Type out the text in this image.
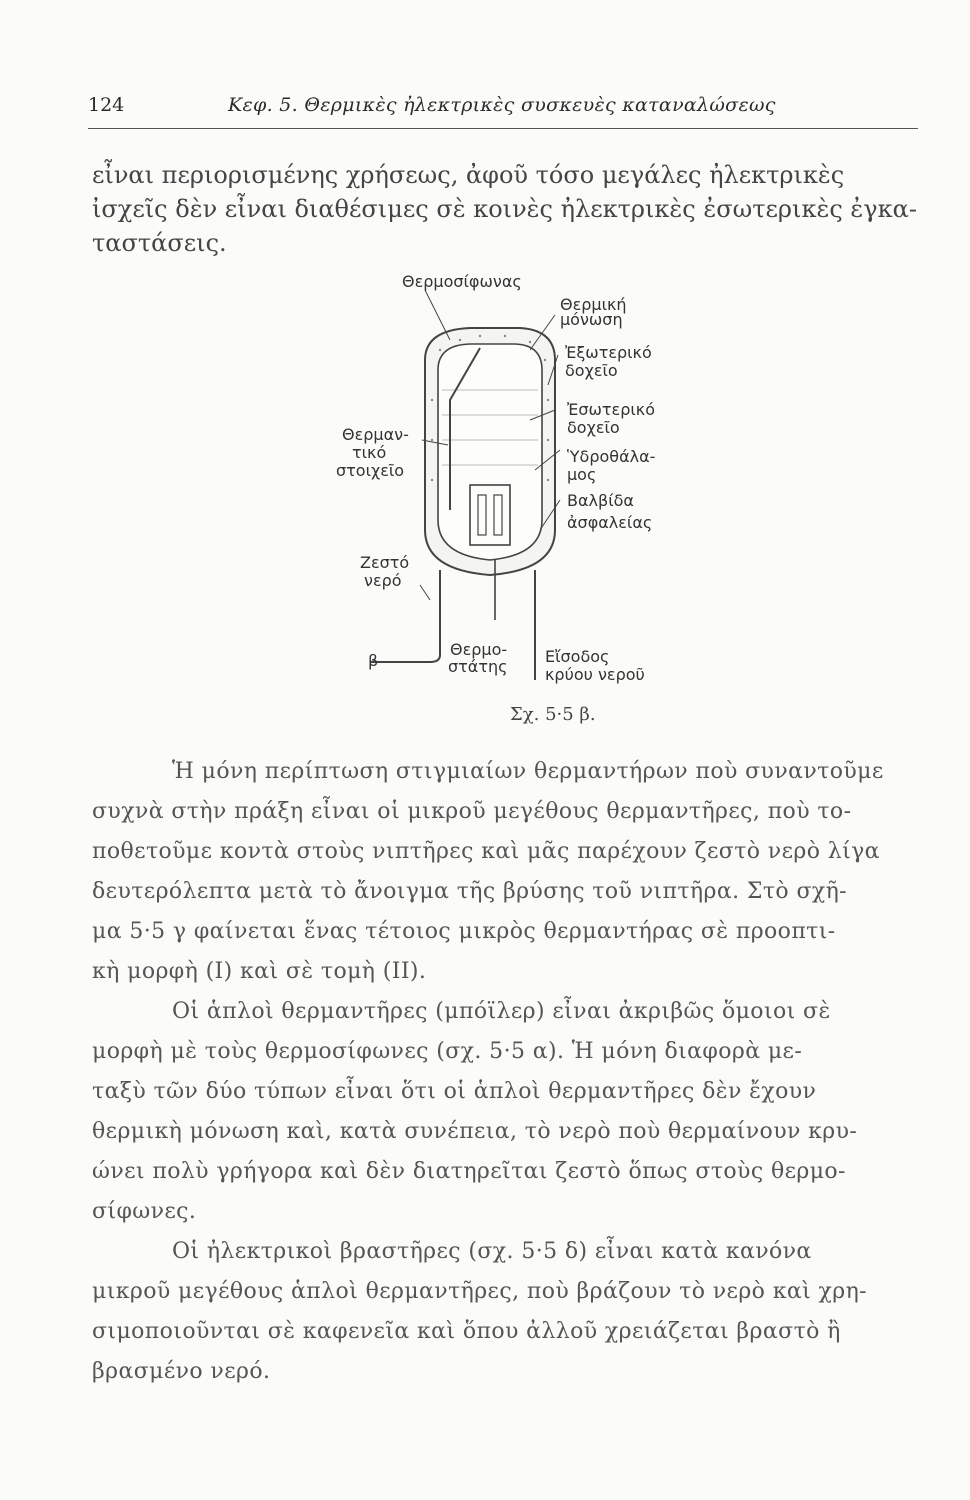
124	Κεφ. 5. Θερμικὲς ἠλεκτρικὲς συσκευὲς καταναλώσεως
εἶναι περιορισμένης χρήσεως, ἀφοῦ τόσο μεγάλες ἠλεκτρικὲς
ἰσχεῖς δὲν εἶναι διαθέσιμες σὲ κοινὲς ἠλεκτρικὲς ἐσωτερικὲς ἐγκα-
ταστάσεις.
Θερμοσίφωνας
Θερμική
μόνωση
Ἐξωτερικό
δοχεῖο
Ἐσωτερικό
δοχεῖο
Ὑδροθάλα-
μος
Βαλβίδα
ἀσφαλείας
Θερμαν-
τικό
στοιχεῖο
Ζεστό
νερό
β
Θερμο-
στάτης
Εἴσοδος
κρύου νεροῦ
Σχ. 5·5 β.
Ἡ μόνη περίπτωση στιγμιαίων θερμαντήρων ποὺ συναντοῦμε
συχνὰ στὴν πράξη εἶναι οἱ μικροῦ μεγέθους θερμαντῆρες, ποὺ το-
ποθετοῦμε κοντὰ στοὺς νιπτῆρες καὶ μᾶς παρέχουν ζεστὸ νερὸ λίγα
δευτερόλεπτα μετὰ τὸ ἄνοιγμα τῆς βρύσης τοῦ νιπτῆρα. Στὸ σχῆ-
μα 5·5 γ φαίνεται ἕνας τέτοιος μικρὸς θερμαντήρας σὲ προοπτι-
κὴ μορφὴ (Ι) καὶ σὲ τομὴ (ΙΙ).
Οἱ ἁπλοὶ θερμαντῆρες (μπόϊλερ) εἶναι ἀκριβῶς ὅμοιοι σὲ
μορφὴ μὲ τοὺς θερμοσίφωνες (σχ. 5·5 α). Ἡ μόνη διαφορὰ με-
ταξὺ τῶν δύο τύπων εἶναι ὅτι οἱ ἁπλοὶ θερμαντῆρες δὲν ἔχουν
θερμικὴ μόνωση καὶ, κατὰ συνέπεια, τὸ νερὸ ποὺ θερμαίνουν κρυ-
ώνει πολὺ γρήγορα καὶ δὲν διατηρεῖται ζεστὸ ὅπως στοὺς θερμο-
σίφωνες.
Οἱ ἠλεκτρικοὶ βραστῆρες (σχ. 5·5 δ) εἶναι κατὰ κανόνα
μικροῦ μεγέθους ἁπλοὶ θερμαντῆρες, ποὺ βράζουν τὸ νερὸ καὶ χρη-
σιμοποιοῦνται σὲ καφενεῖα καὶ ὅπου ἀλλοῦ χρειάζεται βραστὸ ἢ
βρασμένο νερό.
